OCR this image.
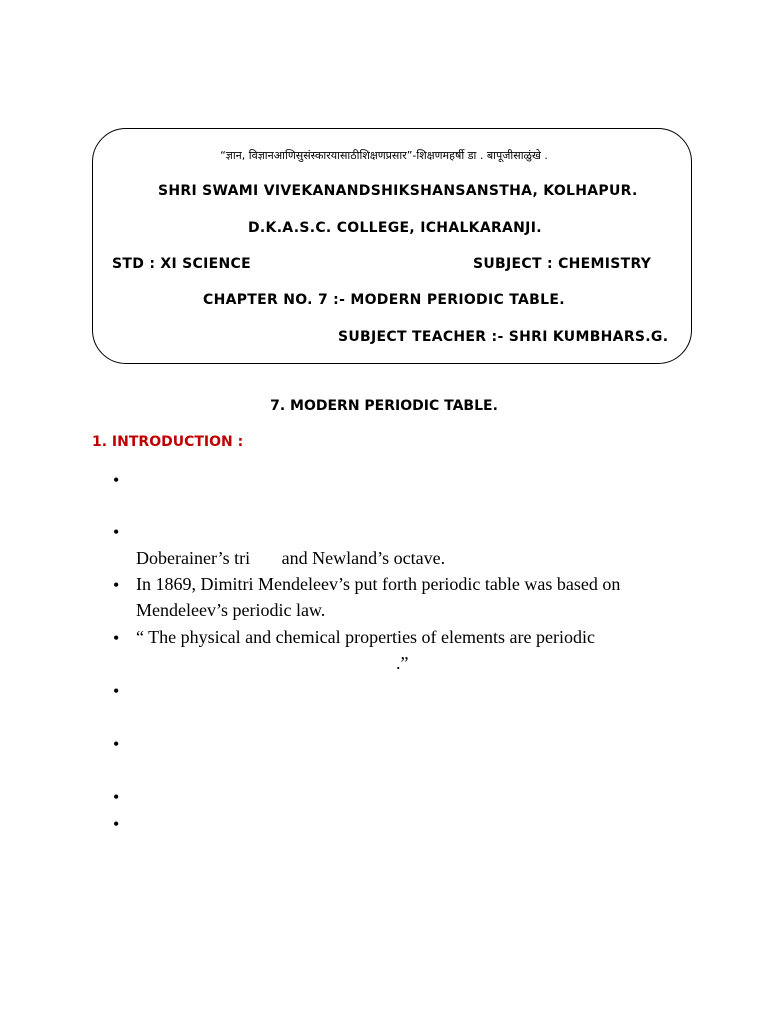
“ज्ञान, विज्ञानआणिसुसंस्कारयासाठीशिक्षणप्रसार”-शिक्षणमहर्षी डा . बापूजीसाळुंखे .
SHRI SWAMI VIVEKANANDSHIKSHANSANSTHA, KOLHAPUR.
D.K.A.S.C. COLLEGE, ICHALKARANJI.
STD : XI SCIENCE	SUBJECT : CHEMISTRY
CHAPTER NO. 7 :- MODERN PERIODIC TABLE.
SUBJECT TEACHER :- SHRI KUMBHARS.G.
7. MODERN PERIODIC TABLE.
1. INTRODUCTION :
•
•
•
•
•
•
•
•
Doberainer’s tri       and Newland’s octave.
In 1869, Dimitri Mendeleev’s put forth periodic table was based on
Mendeleev’s periodic law.
“ The physical and chemical properties of elements are periodic
.”
